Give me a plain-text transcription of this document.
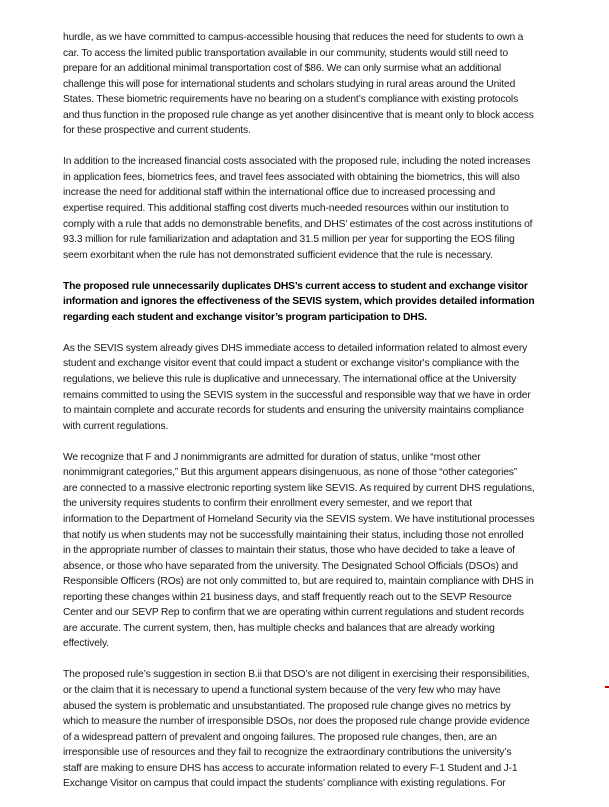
hurdle, as we have committed to campus-accessible housing that reduces the need for students to own a
car. To access the limited public transportation available in our community, students would still need to
prepare for an additional minimal transportation cost of $86. We can only surmise what an additional
challenge this will pose for international students and scholars studying in rural areas around the United
States. These biometric requirements have no bearing on a student’s compliance with existing protocols
and thus function in the proposed rule change as yet another disincentive that is meant only to block access
for these prospective and current students.
In addition to the increased financial costs associated with the proposed rule, including the noted increases
in application fees, biometrics fees, and travel fees associated with obtaining the biometrics, this will also
increase the need for additional staff within the international office due to increased processing and
expertise required. This additional staffing cost diverts much-needed resources within our institution to
comply with a rule that adds no demonstrable benefits, and DHS’ estimates of the cost across institutions of
93.3 million for rule familiarization and adaptation and 31.5 million per year for supporting the EOS filing
seem exorbitant when the rule has not demonstrated sufficient evidence that the rule is necessary.
The proposed rule unnecessarily duplicates DHS’s current access to student and exchange visitor
information and ignores the effectiveness of the SEVIS system, which provides detailed information
regarding each student and exchange visitor’s program participation to DHS.
As the SEVIS system already gives DHS immediate access to detailed information related to almost every
student and exchange visitor event that could impact a student or exchange visitor's compliance with the
regulations, we believe this rule is duplicative and unnecessary. The international office at the University
remains committed to using the SEVIS system in the successful and responsible way that we have in order
to maintain complete and accurate records for students and ensuring the university maintains compliance
with current regulations.
We recognize that F and J nonimmigrants are admitted for duration of status, unlike “most other
nonimmigrant categories,” But this argument appears disingenuous, as none of those “other categories”
are connected to a massive electronic reporting system like SEVIS. As required by current DHS regulations,
the university requires students to confirm their enrollment every semester, and we report that
information to the Department of Homeland Security via the SEVIS system. We have institutional processes
that notify us when students may not be successfully maintaining their status, including those not enrolled
in the appropriate number of classes to maintain their status, those who have decided to take a leave of
absence, or those who have separated from the university. The Designated School Officials (DSOs) and
Responsible Officers (ROs) are not only committed to, but are required to, maintain compliance with DHS in
reporting these changes within 21 business days, and staff frequently reach out to the SEVP Resource
Center and our SEVP Rep to confirm that we are operating within current regulations and student records
are accurate. The current system, then, has multiple checks and balances that are already working
effectively.
The proposed rule’s suggestion in section B.ii that DSO’s are not diligent in exercising their responsibilities,
or the claim that it is necessary to upend a functional system because of the very few who may have
abused the system is problematic and unsubstantiated. The proposed rule change gives no metrics by
which to measure the number of irresponsible DSOs, nor does the proposed rule change provide evidence
of a widespread pattern of prevalent and ongoing failures. The proposed rule changes, then, are an
irresponsible use of resources and they fail to recognize the extraordinary contributions the university’s
staff are making to ensure DHS has access to accurate information related to every F-1 Student and J-1
Exchange Visitor on campus that could impact the students’ compliance with existing regulations. For
